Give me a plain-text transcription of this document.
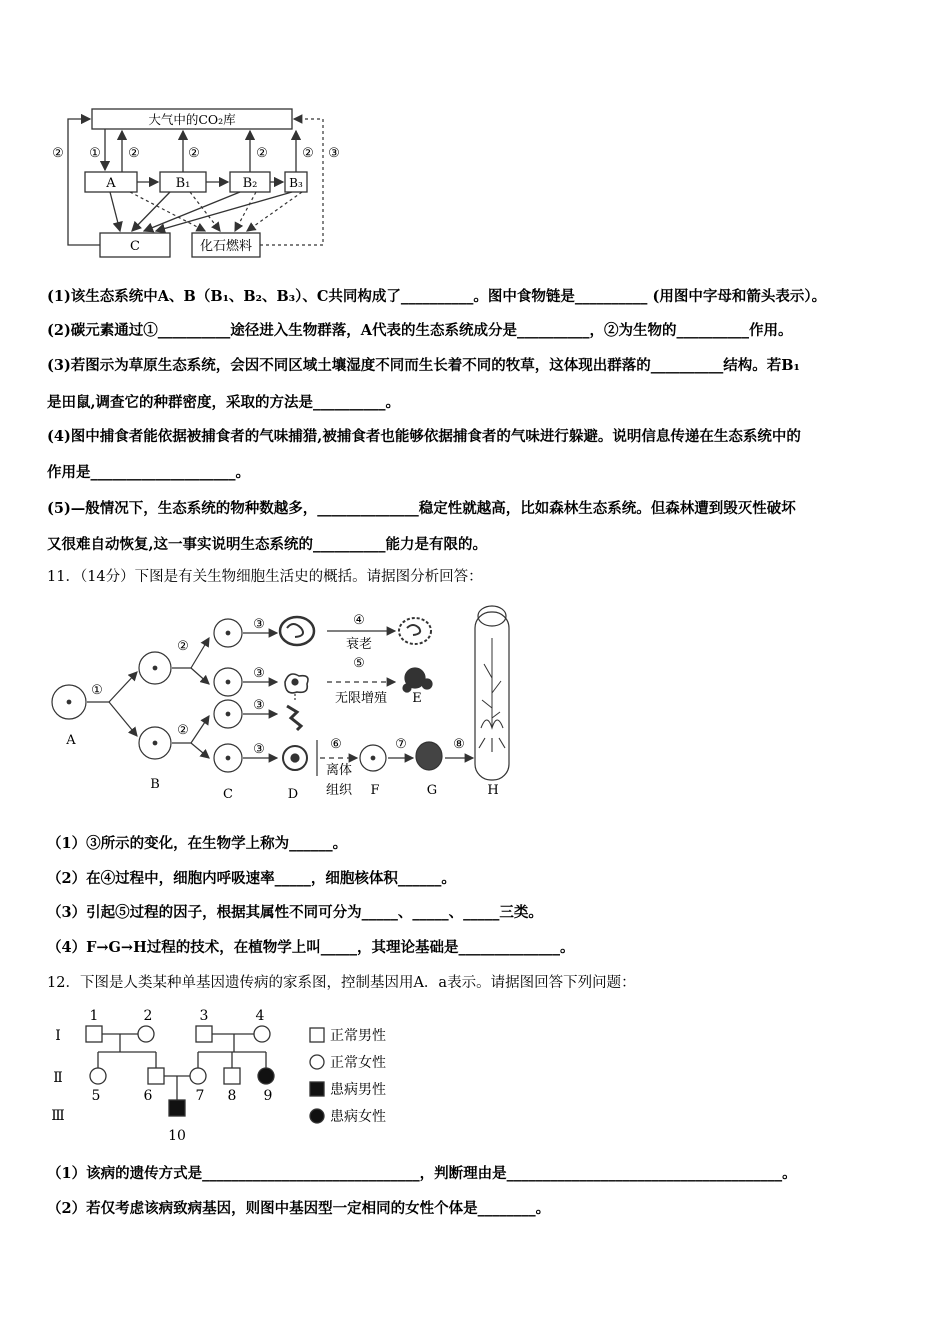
大气中的CO₂库
A	B₁	B₂	B₃
C	化石燃料
② ① ②	②	②	② ③
(1)该生态系统中A、B（B₁、B₂、B₃）、C共同构成了__________。图中食物链是__________ (用图中字母和箭头表示）。
(2)碳元素通过①__________途径进入生物群落，A代表的生态系统成分是__________，②为生物的__________作用。
(3)若图示为草原生态系统，会因不同区域土壤湿度不同而生长着不同的牧草，这体现出群落的__________结构。若B₁
是田鼠,调查它的种群密度，采取的方法是__________。
(4)图中捕食者能依据被捕食者的气味捕猎,被捕食者也能够依据捕食者的气味进行躲避。说明信息传递在生态系统中的
作用是____________________。
(5)—般情况下，生态系统的物种数越多，______________稳定性就越高，比如森林生态系统。但森林遭到毁灭性破坏
又很难自动恢复,这一事实说明生态系统的__________能力是有限的。
11．（14分）下图是有关生物细胞生活史的概括。请据图分析回答：
①
②
②
③
③
③
③
④
衰老
⑤
无限增殖
⑥
离体
组织
⑦	⑧
A
B
C	D	F	G	H
E
（1）③所示的变化，在生物学上称为______。
（2）在④过程中，细胞内呼吸速率_____，细胞核体积______。
（3）引起⑤过程的因子，根据其属性不同可分为_____、_____、_____三类。
（4）F→G→H过程的技术，在植物学上叫_____，其理论基础是______________。
12．下图是人类某种单基因遗传病的家系图，控制基因用A．a表示。请据图回答下列问题：
Ⅰ
Ⅱ
Ⅲ
1	2	3	4
5	6	7 8 9
10
正常男性
正常女性
患病男性
患病女性
（1）该病的遗传方式是______________________________，判断理由是______________________________________。
（2）若仅考虑该病致病基因，则图中基因型一定相同的女性个体是________。
